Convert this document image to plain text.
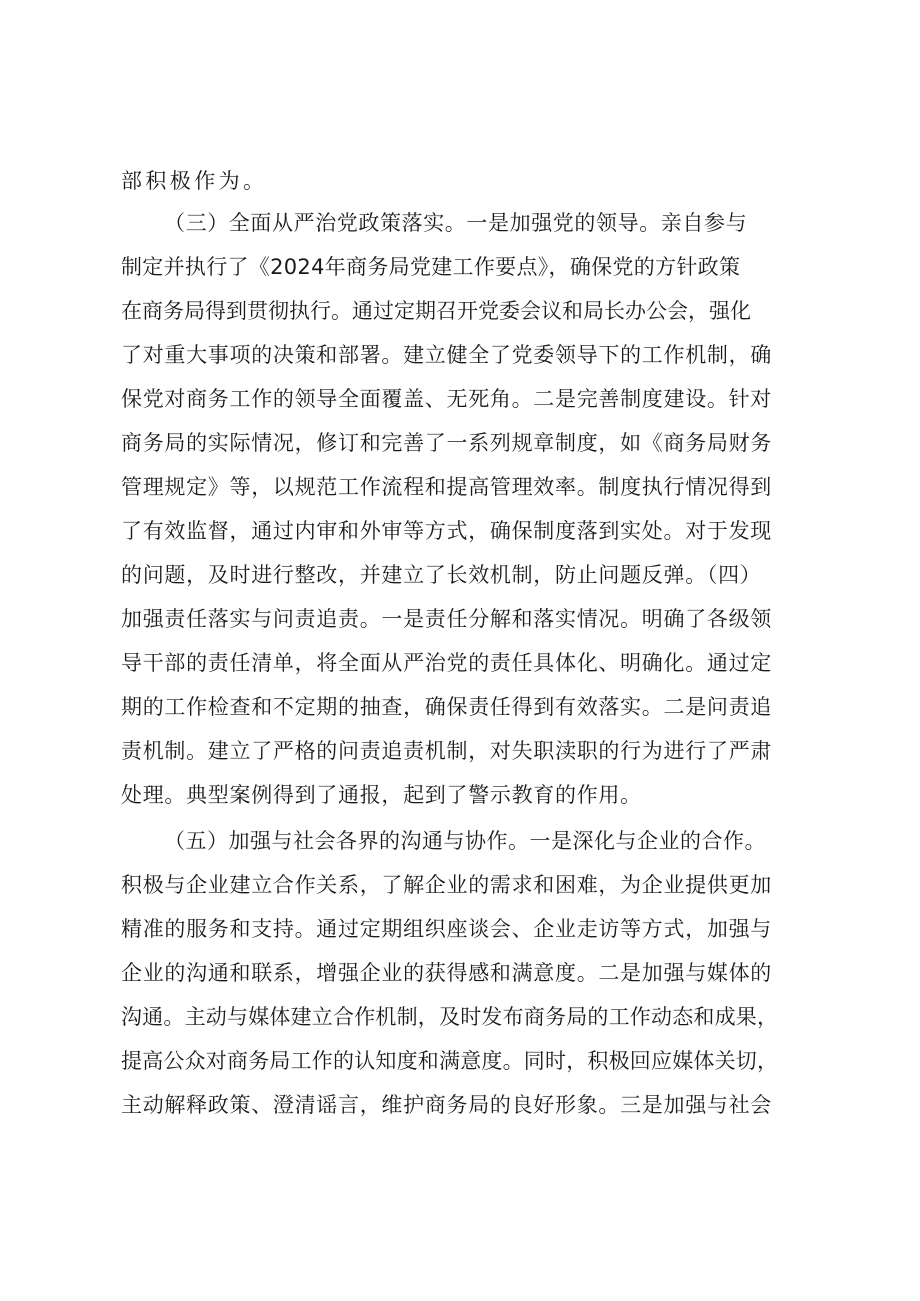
部积极作为。
（三）全面从严治党政策落实。一是加强党的领导。亲自参与
制定并执行了《2024年商务局党建工作要点》，确保党的方针政策
在商务局得到贯彻执行。通过定期召开党委会议和局长办公会，强化
了对重大事项的决策和部署。建立健全了党委领导下的工作机制，确
保党对商务工作的领导全面覆盖、无死角。二是完善制度建设。针对
商务局的实际情况，修订和完善了一系列规章制度，如《商务局财务
管理规定》等，以规范工作流程和提高管理效率。制度执行情况得到
了有效监督，通过内审和外审等方式，确保制度落到实处。对于发现
的问题，及时进行整改，并建立了长效机制，防止问题反弹。（四）
加强责任落实与问责追责。一是责任分解和落实情况。明确了各级领
导干部的责任清单，将全面从严治党的责任具体化、明确化。通过定
期的工作检查和不定期的抽查，确保责任得到有效落实。二是问责追
责机制。建立了严格的问责追责机制，对失职渎职的行为进行了严肃
处理。典型案例得到了通报，起到了警示教育的作用。
（五）加强与社会各界的沟通与协作。一是深化与企业的合作。
积极与企业建立合作关系，了解企业的需求和困难，为企业提供更加
精准的服务和支持。通过定期组织座谈会、企业走访等方式，加强与
企业的沟通和联系，增强企业的获得感和满意度。二是加强与媒体的
沟通。主动与媒体建立合作机制，及时发布商务局的工作动态和成果，
提高公众对商务局工作的认知度和满意度。同时，积极回应媒体关切，
主动解释政策、澄清谣言，维护商务局的良好形象。三是加强与社会
